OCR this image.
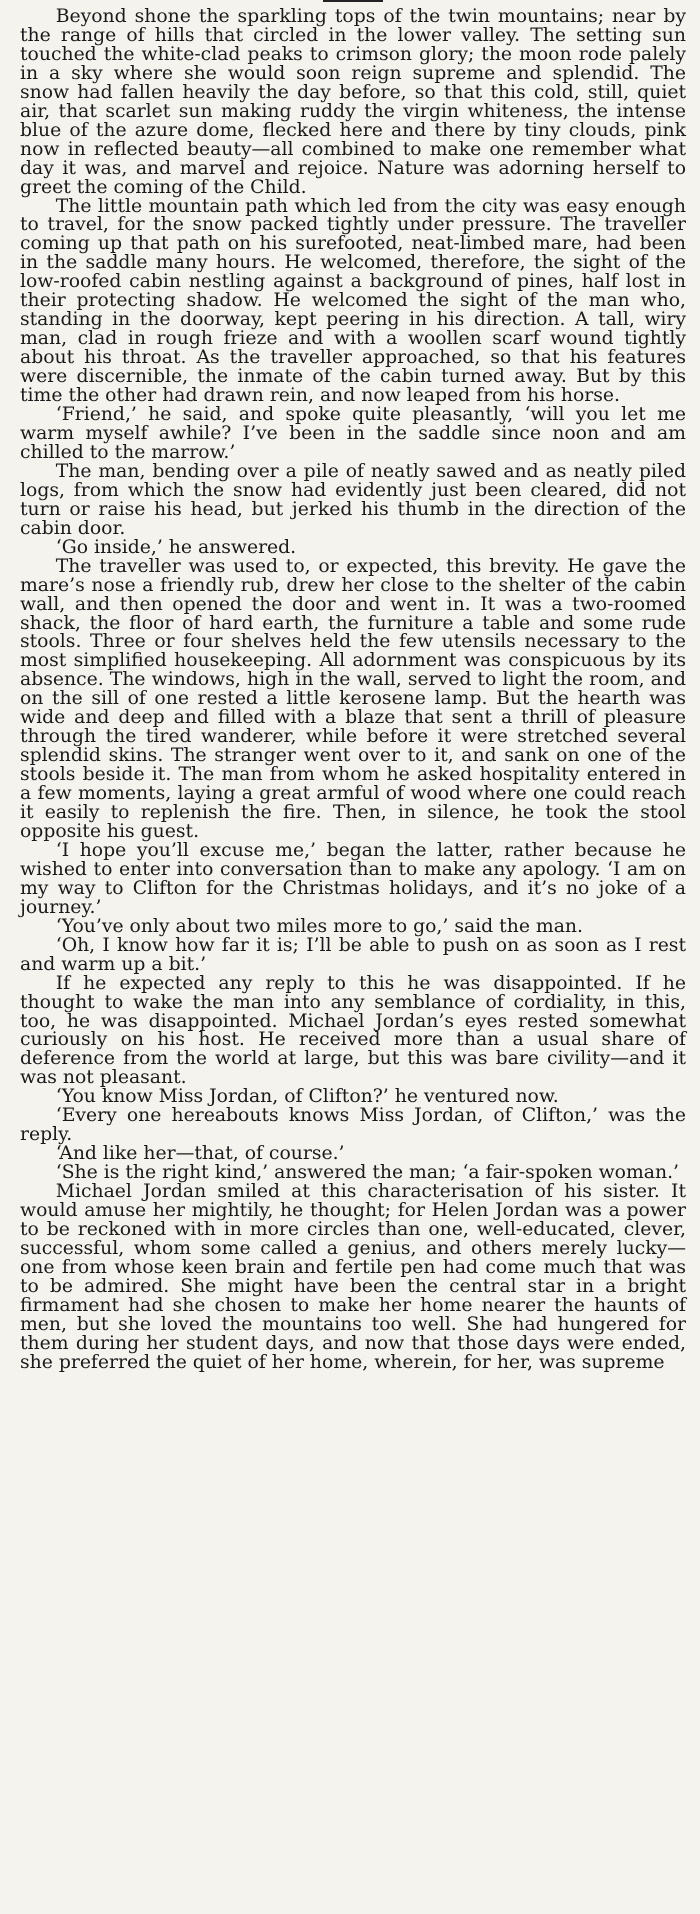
Beyond shone the sparkling tops of the twin mountains; near by the range of hills that circled in the lower valley. The setting sun touched the white-clad peaks to crimson glory; the moon rode palely in a sky where she would soon reign supreme and splendid. The snow had fallen heavily the day before, so that this cold, still, quiet air, that scarlet sun making ruddy the virgin whiteness, the intense blue of the azure dome, flecked here and there by tiny clouds, pink now in reflected beauty—all combined to make one remember what day it was, and marvel and rejoice. Nature was adorning herself to greet the coming of the Child.

The little mountain path which led from the city was easy enough to travel, for the snow packed tightly under pressure. The traveller coming up that path on his surefooted, neat-limbed mare, had been in the saddle many hours. He welcomed, therefore, the sight of the low-roofed cabin nestling against a background of pines, half lost in their protecting shadow. He welcomed the sight of the man who, standing in the doorway, kept peering in his direction. A tall, wiry man, clad in rough frieze and with a woollen scarf wound tightly about his throat. As the traveller approached, so that his features were discernible, the inmate of the cabin turned away. But by this time the other had drawn rein, and now leaped from his horse.

‘Friend,’ he said, and spoke quite pleasantly, ‘will you let me warm myself awhile? I’ve been in the saddle since noon and am chilled to the marrow.’

The man, bending over a pile of neatly sawed and as neatly piled logs, from which the snow had evidently just been cleared, did not turn or raise his head, but jerked his thumb in the direction of the cabin door.

‘Go inside,’ he answered.

The traveller was used to, or expected, this brevity. He gave the mare’s nose a friendly rub, drew her close to the shelter of the cabin wall, and then opened the door and went in. It was a two-roomed shack, the floor of hard earth, the furniture a table and some rude stools. Three or four shelves held the few utensils necessary to the most simplified housekeeping. All adornment was conspicuous by its absence. The windows, high in the wall, served to light the room, and on the sill of one rested a little kerosene lamp. But the hearth was wide and deep and filled with a blaze that sent a thrill of pleasure through the tired wanderer, while before it were stretched several splendid skins. The stranger went over to it, and sank on one of the stools beside it. The man from whom he asked hospitality entered in a few moments, laying a great armful of wood where one could reach it easily to replenish the fire. Then, in silence, he took the stool opposite his guest.

‘I hope you’ll excuse me,’ began the latter, rather because he wished to enter into conversation than to make any apology. ‘I am on my way to Clifton for the Christmas holidays, and it’s no joke of a journey.’

‘You’ve only about two miles more to go,’ said the man.

‘Oh, I know how far it is; I’ll be able to push on as soon as I rest and warm up a bit.’

If he expected any reply to this he was disappointed. If he thought to wake the man into any semblance of cordiality, in this, too, he was disappointed. Michael Jordan’s eyes rested somewhat curiously on his host. He received more than a usual share of deference from the world at large, but this was bare civility—and it was not pleasant.

‘You know Miss Jordan, of Clifton?’ he ventured now.

‘Every one hereabouts knows Miss Jordan, of Clifton,’ was the reply.

‘And like her—that, of course.’

‘She is the right kind,’ answered the man; ‘a fair-spoken woman.’

Michael Jordan smiled at this characterisation of his sister. It would amuse her mightily, he thought; for Helen Jordan was a power to be reckoned with in more circles than one, well-educated, clever, successful, whom some called a genius, and others merely lucky—one from whose keen brain and fertile pen had come much that was to be admired. She might have been the central star in a bright firmament had she chosen to make her home nearer the haunts of men, but she loved the mountains too well. She had hungered for them during her student days, and now that those days were ended, she preferred the quiet of her home, wherein, for her, was supreme
